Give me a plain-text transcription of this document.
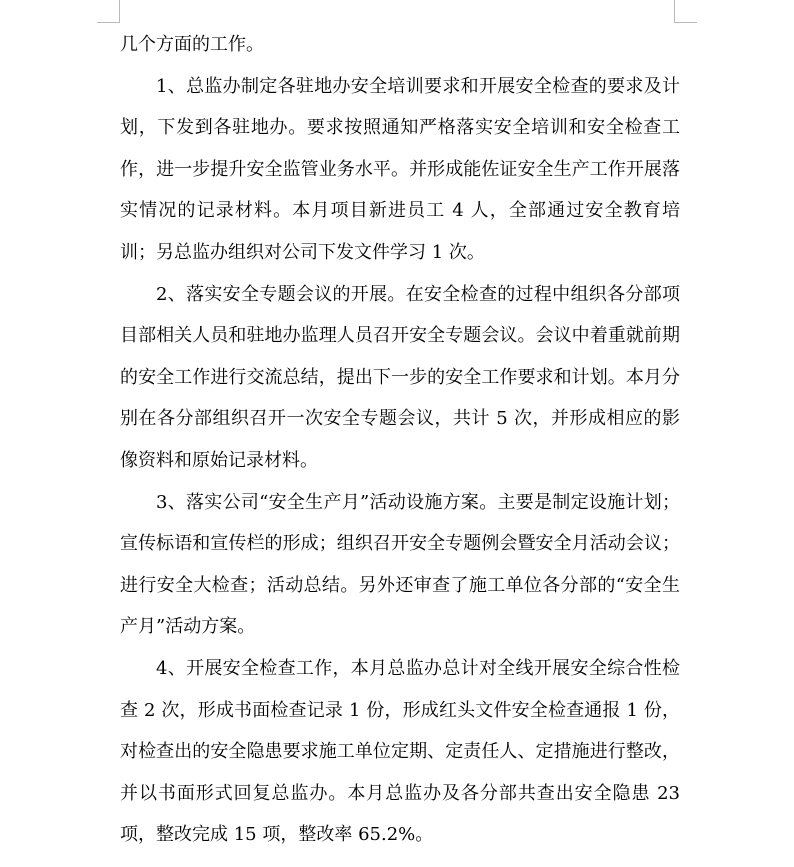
几个方面的工作。

1、总监办制定各驻地办安全培训要求和开展安全检查的要求及计划，下发到各驻地办。要求按照通知严格落实安全培训和安全检查工作，进一步提升安全监管业务水平。并形成能佐证安全生产工作开展落实情况的记录材料。本月项目新进员工 4 人，全部通过安全教育培训；另总监办组织对公司下发文件学习 1 次。

2、落实安全专题会议的开展。在安全检查的过程中组织各分部项目部相关人员和驻地办监理人员召开安全专题会议。会议中着重就前期的安全工作进行交流总结，提出下一步的安全工作要求和计划。本月分别在各分部组织召开一次安全专题会议，共计 5 次，并形成相应的影像资料和原始记录材料。

3、落实公司“安全生产月”活动设施方案。主要是制定设施计划；宣传标语和宣传栏的形成；组织召开安全专题例会暨安全月活动会议；进行安全大检查；活动总结。另外还审查了施工单位各分部的“安全生产月”活动方案。

4、开展安全检查工作，本月总监办总计对全线开展安全综合性检查 2 次，形成书面检查记录 1 份，形成红头文件安全检查通报 1 份，对检查出的安全隐患要求施工单位定期、定责任人、定措施进行整改，并以书面形式回复总监办。本月总监办及各分部共查出安全隐患 23 项，整改完成 15 项，整改率 65.2%。
